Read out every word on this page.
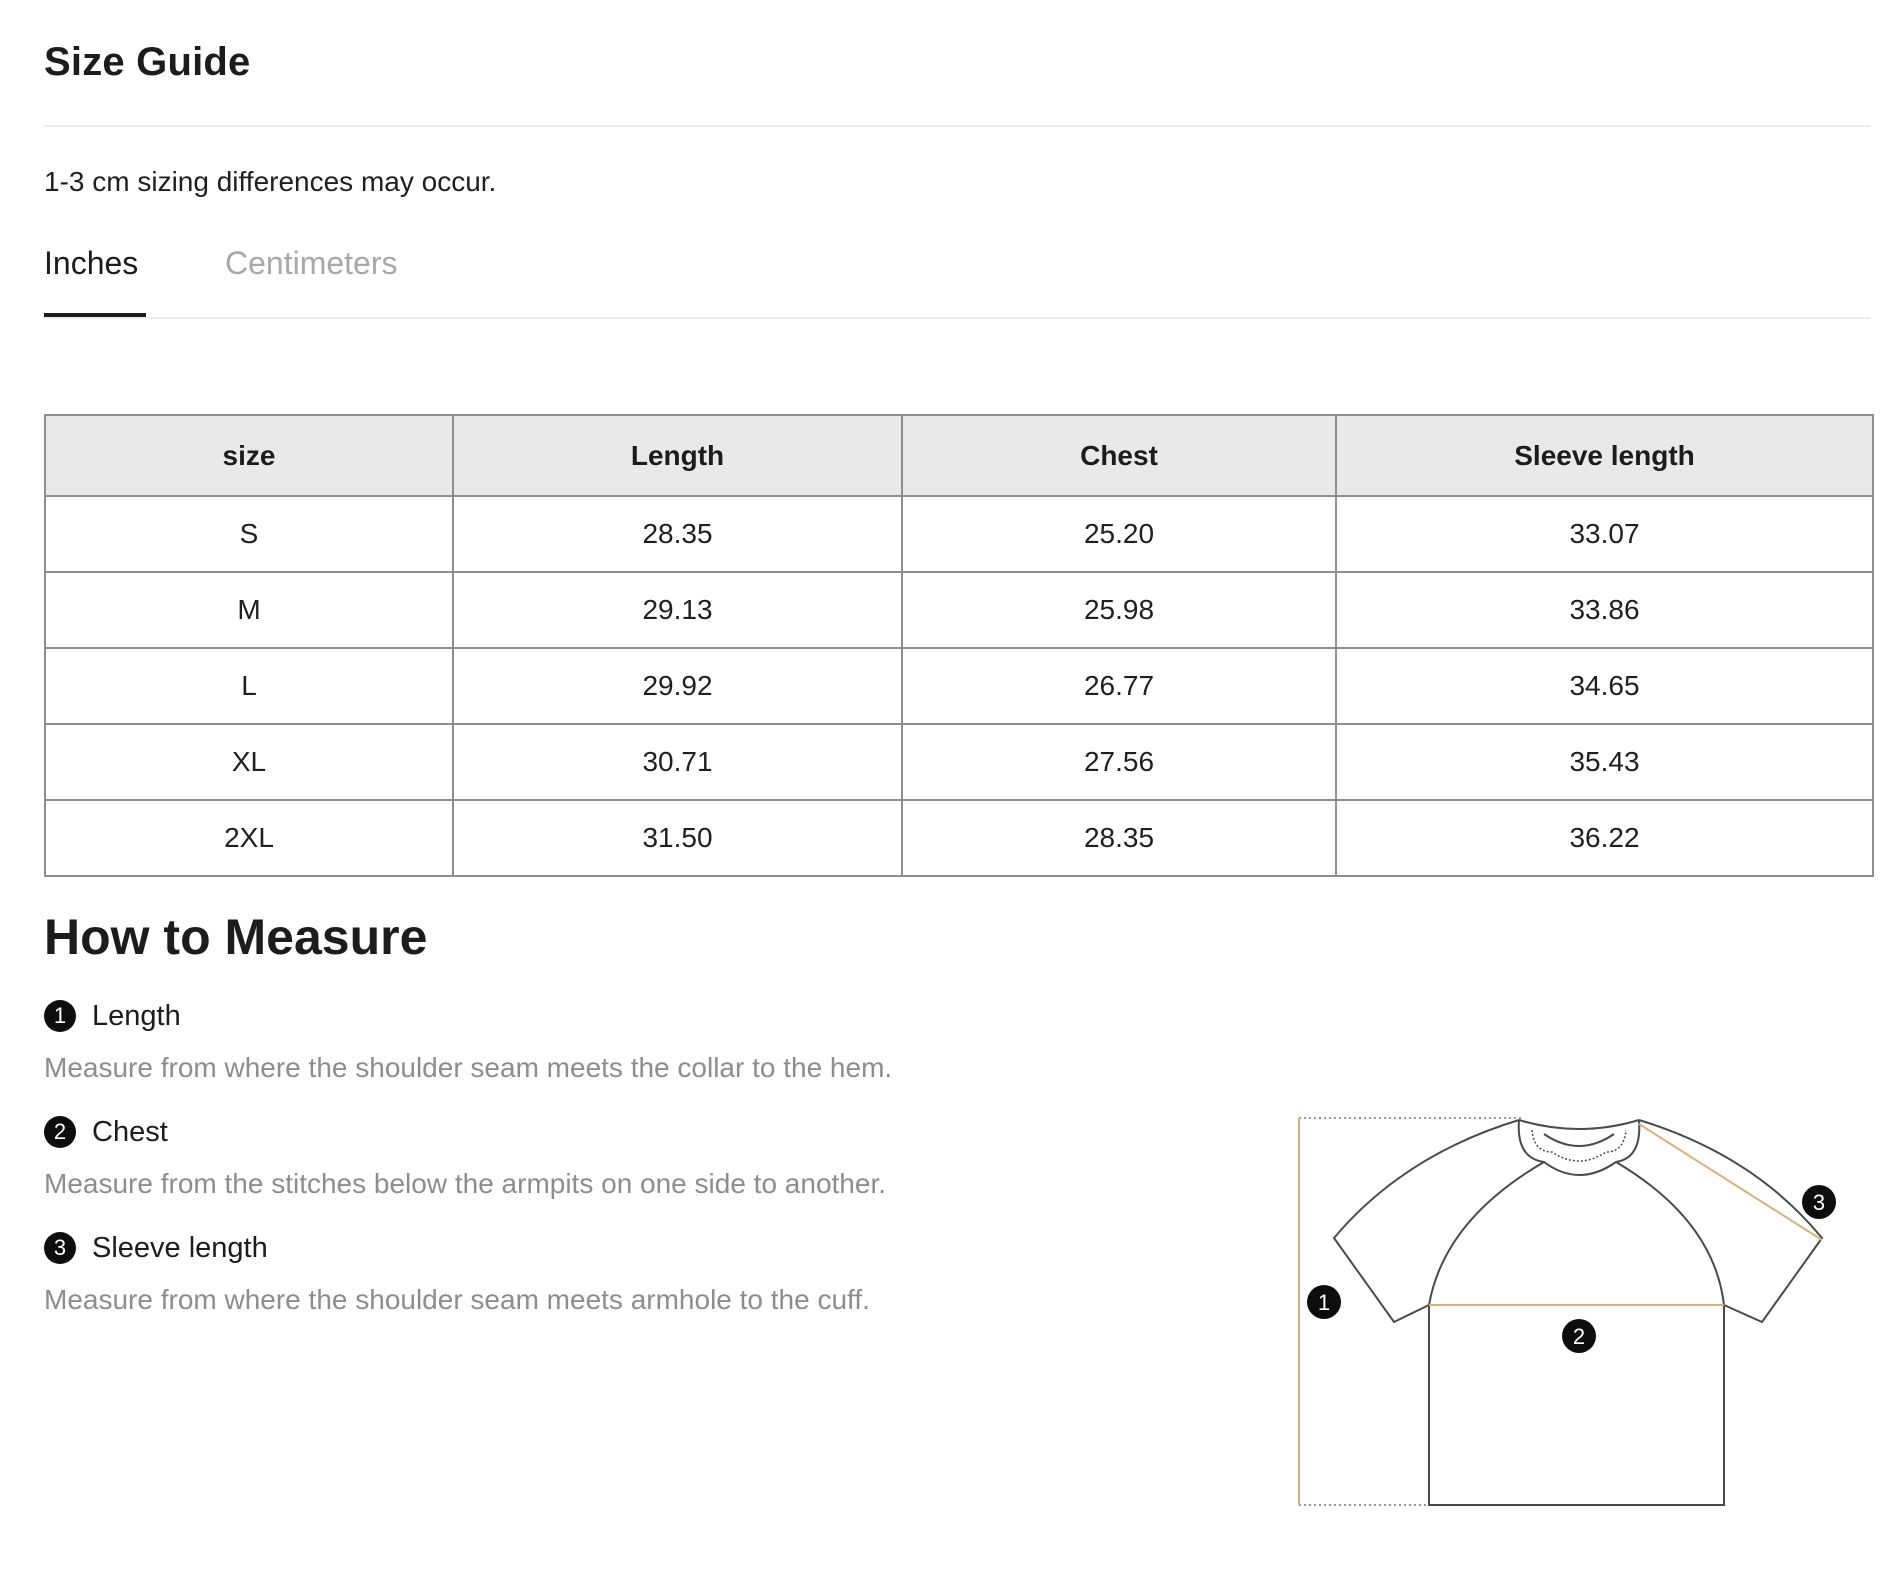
Size Guide
1-3 cm sizing differences may occur.
Inches	Centimeters
size	Length	Chest	Sleeve length
S	28.35	25.20	33.07
M	29.13	25.98	33.86
L	29.92	26.77	34.65
XL	30.71	27.56	35.43
2XL	31.50	28.35	36.22
How to Measure
1 Length
Measure from where the shoulder seam meets the collar to the hem.
2 Chest
Measure from the stitches below the armpits on one side to another.
3 Sleeve length
Measure from where the shoulder seam meets armhole to the cuff.	1
2
3
